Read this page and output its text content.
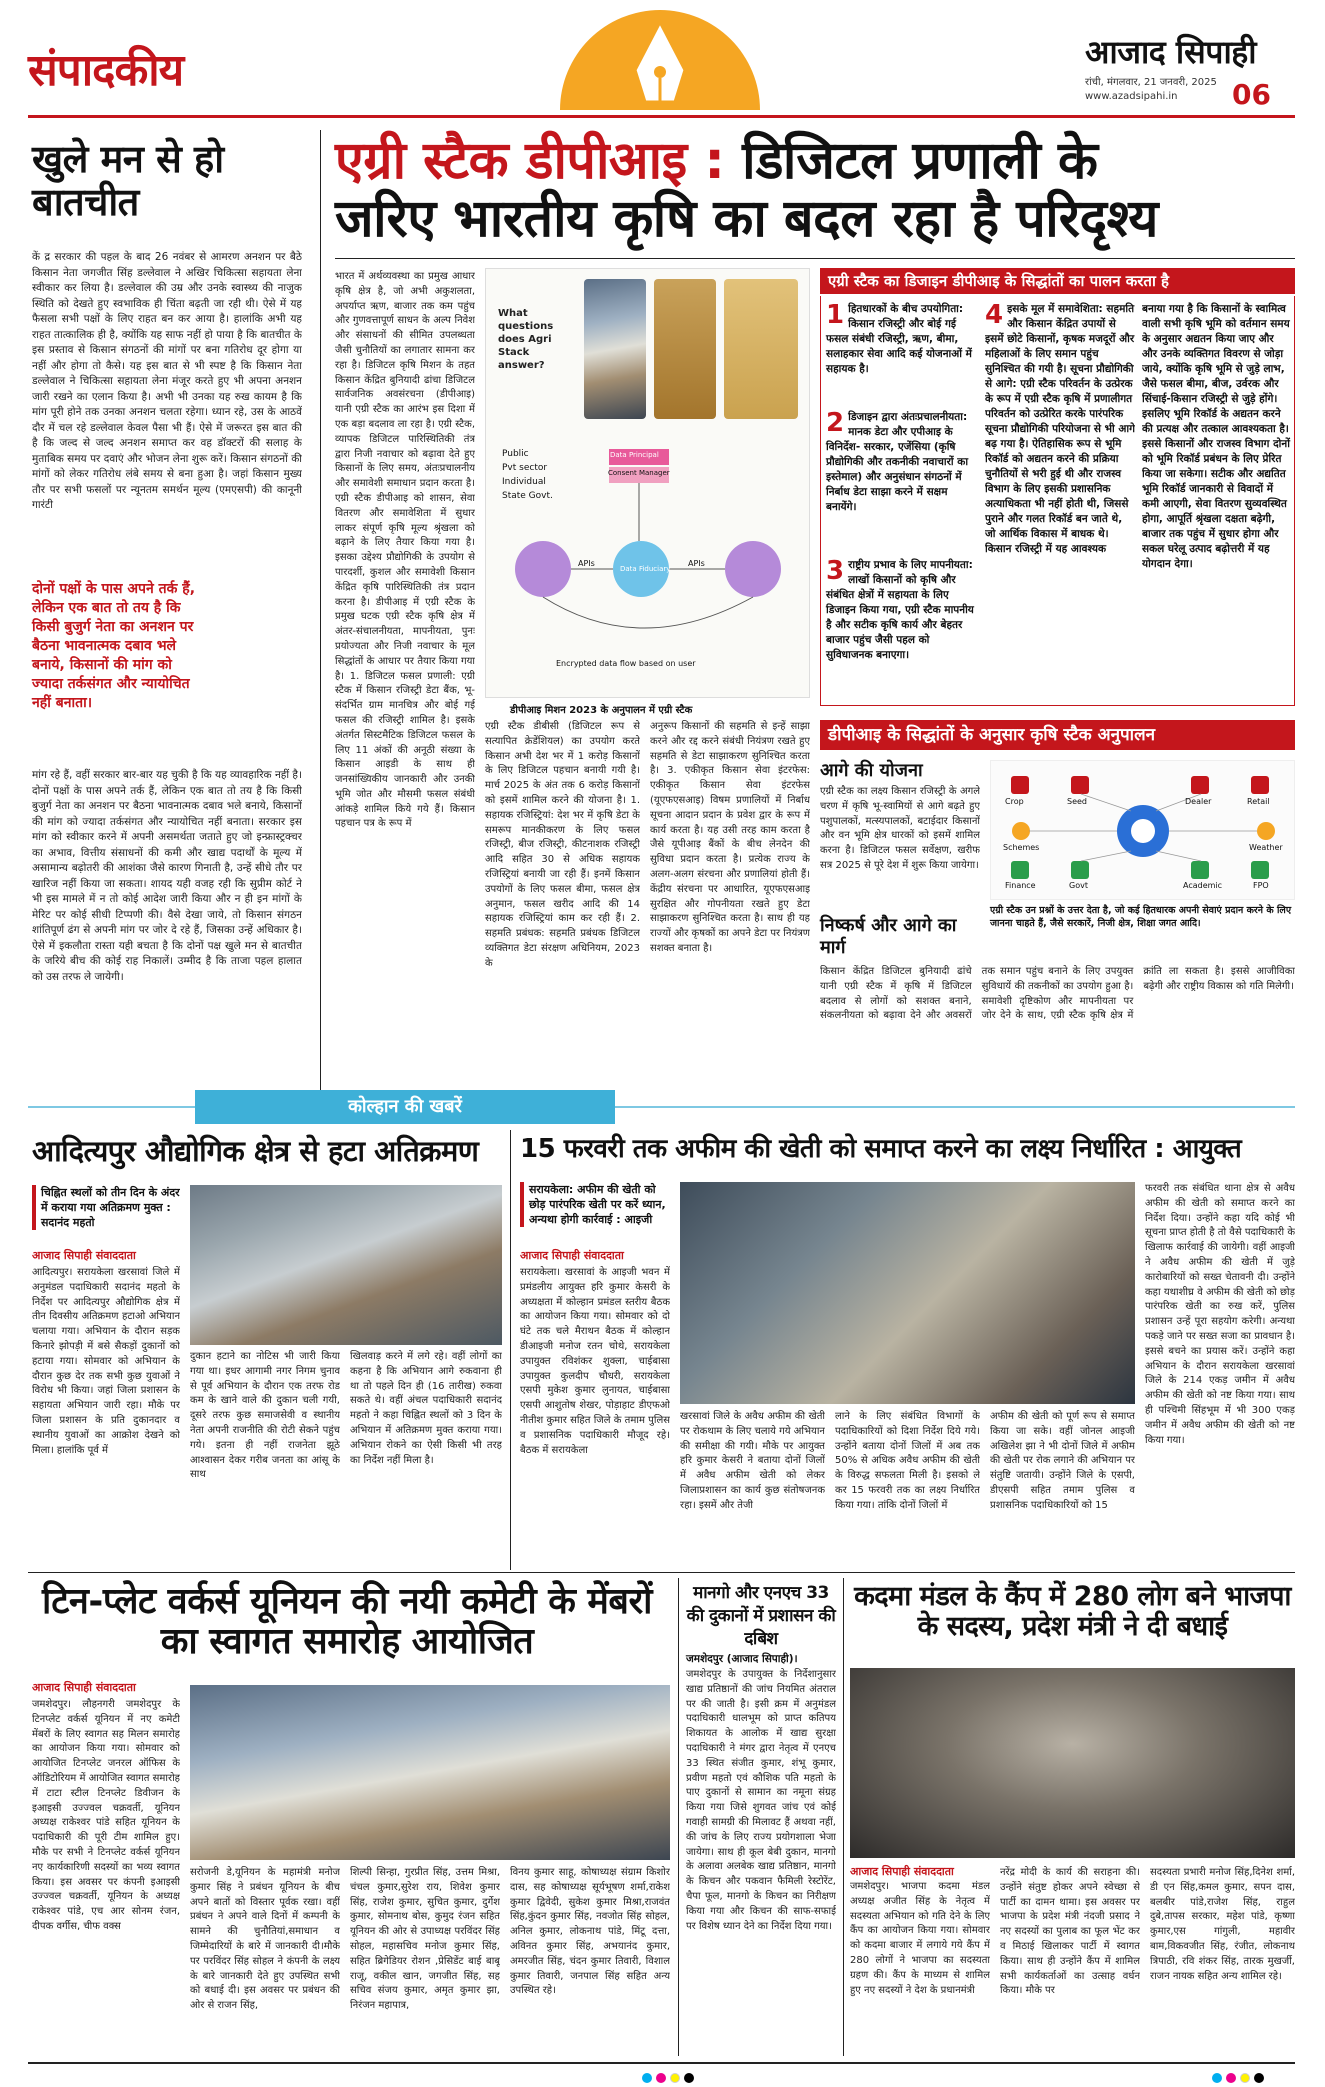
संपादकीय	आजाद सिपाही
रांची, मंगलवार, 21 जनवरी, 2025
www.azadsipahi.in 06
खुले मन से हो बातचीत
कें द्र सरकार की पहल के बाद 26 नवंबर से आमरण अनशन पर बैठे किसान नेता जगजीत सिंह डल्लेवाल ने अखिर चिकित्सा सहायता लेना स्वीकार कर लिया है। डल्लेवाल की उम्र और उनके स्वास्थ्य की नाजुक स्थिति को देखते हुए स्वभाविक ही चिंता बढ़ती जा रही थी। ऐसे में यह फैसला सभी पक्षों के लिए राहत बन कर आया है। हालांकि अभी यह राहत तात्कालिक ही है, क्योंकि यह साफ नहीं हो पाया है कि बातचीत के इस प्रस्ताव से किसान संगठनों की मांगों पर बना गतिरोध दूर होगा या नहीं और होगा तो कैसे। यह इस बात से भी स्पष्ट है कि किसान नेता डल्लेवाल ने चिकित्सा सहायता लेना मंजूर करते हुए भी अपना अनशन जारी रखने का एलान किया है। अभी भी उनका यह रुख कायम है कि मांग पूरी होने तक उनका अनशन चलता रहेगा। ध्यान रहे, उस के आठवें दौर में चल रहे डल्लेवाल केवल पैसा भी हैं। ऐसे में जरूरत इस बात की है कि जल्द से जल्द अनशन समाप्त कर वह डॉक्टरों की सलाह के मुताबिक समय पर दवाएं और भोजन लेना शुरू करें। किसान संगठनों की मांगों को लेकर गतिरोध लंबे समय से बना हुआ है। जहां किसान मुख्य तौर पर सभी फसलों पर न्यूनतम समर्थन मूल्य (एमएसपी) की कानूनी गारंटी
दोनों पक्षों के पास अपने तर्क हैं, लेकिन एक बात तो तय है कि किसी बुजुर्ग नेता का अनशन पर बैठना भावनात्मक दबाव भले बनाये, किसानों की मांग को ज्यादा तर्कसंगत और न्यायोचित नहीं बनाता।
मांग रहे हैं, वहीं सरकार बार-बार यह चुकी है कि यह व्यावहारिक नहीं है। दोनों पक्षों के पास अपने तर्क हैं, लेकिन एक बात तो तय है कि किसी बुजुर्ग नेता का अनशन पर बैठना भावनात्मक दबाव भले बनाये, किसानों की मांग को ज्यादा तर्कसंगत और न्यायोचित नहीं बनाता। सरकार इस मांग को स्वीकार करने में अपनी असमर्थता जताते हुए जो इन्फ्रास्ट्रक्चर का अभाव, वित्तीय संसाधनों की कमी और खाद्य पदार्थों के मूल्य में असामान्य बढ़ोतरी की आशंका जैसे कारण गिनाती है, उन्हें सीधे तौर पर खारिज नहीं किया जा सकता। शायद यही वजह रही कि सुप्रीम कोर्ट ने भी इस मामले में न तो कोई आदेश जारी किया और न ही इन मांगों के मेरिट पर कोई सीधी टिप्पणी की। वैसे देखा जाये, तो किसान संगठन शांतिपूर्ण ढंग से अपनी मांग पर जोर दे रहे हैं, जिसका उन्हें अधिकार है। ऐसे में इकलौता रास्ता यही बचता है कि दोनों पक्ष खुले मन से बातचीत के जरिये बीच की कोई राह निकालें। उम्मीद है कि ताजा पहल हालात को उस तरफ ले जायेगी।
एग्री स्टैक डीपीआइ : डिजिटल प्रणाली के
जरिए भारतीय कृषि का बदल रहा है परिदृश्य
भारत में अर्थव्यवस्था का प्रमुख आधार कृषि क्षेत्र है, जो अभी अकुशलता, अपर्याप्त ऋण, बाजार तक कम पहुंच और गुणवत्तापूर्ण साधन के अल्प निवेश और संसाधनों की सीमित उपलब्धता जैसी चुनौतियों का लगातार सामना कर रहा है। डिजिटल कृषि मिशन के तहत किसान केंद्रित बुनियादी ढांचा डिजिटल सार्वजनिक अवसंरचना (डीपीआइ) यानी एग्री स्टैक का आरंभ इस दिशा में एक बड़ा बदलाव ला रहा है। एग्री स्टैक, व्यापक डिजिटल पारिस्थितिकी तंत्र द्वारा निजी नवाचार को बढ़ावा देते हुए किसानों के लिए समय, अंतःप्रचालनीय और समावेशी समाधान प्रदान करता है। एग्री स्टैक डीपीआइ को शासन, सेवा वितरण और समावेशिता में सुधार लाकर संपूर्ण कृषि मूल्य श्रृंखला को बढ़ाने के लिए तैयार किया गया है। इसका उद्देश्य प्रौद्योगिकी के उपयोग से पारदर्शी, कुशल और समावेशी किसान केंद्रित कृषि पारिस्थितिकी तंत्र प्रदान करना है। डीपीआइ में एग्री स्टैक के प्रमुख घटक एग्री स्टैक कृषि क्षेत्र में अंतर-संचालनीयता, मापनीयता, पुनः प्रयोज्यता और निजी नवाचार के मूल सिद्धांतों के आधार पर तैयार किया गया है। 1. डिजिटल फसल प्रणाली: एग्री स्टैक में किसान रजिस्ट्री डेटा बैंक, भू-संदर्भित ग्राम मानचित्र और बोई गई फसल की रजिस्ट्री शामिल है। इसके अंतर्गत सिस्टमैटिक डिजिटल फसल के लिए 11 अंकों की अनूठी संख्या के किसान आइडी के साथ ही जनसांख्यिकीय जानकारी और उनकी भूमि जोत और मौसमी फसल संबंधी आंकड़े शामिल किये गये हैं। किसान पहचान पत्र के रूप में
What questions does Agri Stack answer?
Public
Pvt sector
Individual
State Govt.
Data Principal
Consent Manager
Data Fiduciary
APIs	APIs
Encrypted data flow based on user
डीपीआइ मिशन 2023 के अनुपालन में एग्री स्टैक
एग्री स्टैक का डिजाइन डीपीआइ के सिद्धांतों का पालन करता है
1 हितधारकों के बीच उपयोगिता: किसान रजिस्ट्री और बोई गई फसल संबंधी रजिस्ट्री, ऋण, बीमा, सलाहकार सेवा आदि कई योजनाओं में सहायक है।
2 डिजाइन द्वारा अंतःप्रचालनीयता: मानक डेटा और एपीआइ के विनिर्देश- सरकार, एजेंसिया (कृषि प्रौद्योगिकी और तकनीकी नवाचारों का इस्तेमाल) और अनुसंधान संगठनों में निर्बाध डेटा साझा करने में सक्षम बनायेंगे।
3 राष्ट्रीय प्रभाव के लिए मापनीयता: लाखों किसानों को कृषि और संबंधित क्षेत्रों में सहायता के लिए डिजाइन किया गया, एग्री स्टैक मापनीय है और सटीक कृषि कार्य और बेहतर बाजार पहुंच जैसी पहल को सुविधाजनक बनाएगा।
4 इसके मूल में समावेशिता: सहमति और किसान केंद्रित उपायों से इसमें छोटे किसानों, कृषक मजदूरों और महिलाओं के लिए समान पहुंच सुनिश्चित की गयी है। सूचना प्रौद्योगिकी से आगे: एग्री स्टैक परिवर्तन के उत्प्रेरक के रूप में एग्री स्टैक कृषि में प्रणालीगत परिवर्तन को उत्प्रेरित करके पारंपरिक सूचना प्रौद्योगिकी परियोजना से भी आगे बढ़ गया है। ऐतिहासिक रूप से भूमि रिकॉर्ड को अद्यतन करने की प्रक्रिया चुनौतियों से भरी हुई थी और राजस्व विभाग के लिए इसकी प्रशासनिक अत्याधिकता भी नहीं होती थी, जिससे पुराने और गलत रिकॉर्ड बन जाते थे, जो आर्थिक विकास में बाधक थे। किसान रजिस्ट्री में यह आवश्यक
बनाया गया है कि किसानों के स्वामित्व वाली सभी कृषि भूमि को वर्तमान समय के अनुसार अद्यतन किया जाए और और उनके व्यक्तिगत विवरण से जोड़ा जाये, क्योंकि कृषि भूमि से जुड़े लाभ, जैसे फसल बीमा, बीज, उर्वरक और सिंचाई-किसान रजिस्ट्री से जुड़े होंगे। इसलिए भूमि रिकॉर्ड के अद्यतन करने की प्रत्यक्ष और तत्काल आवश्यकता है। इससे किसानों और राजस्व विभाग दोनों को भूमि रिकॉर्ड प्रबंधन के लिए प्रेरित किया जा सकेगा। सटीक और अद्यतित भूमि रिकॉर्ड जानकारी से विवादों में कमी आएगी, सेवा वितरण सुव्यवस्थित होगा, आपूर्ति श्रृंखला दक्षता बढ़ेगी, बाजार तक पहुंच में सुधार होगा और सकल घरेलू उत्पाद बढ़ोत्तरी में यह योगदान देगा।
एग्री स्टैक डीबीसी (डिजिटल रूप से सत्यापित क्रेडेंशियल) का उपयोग करते किसान अभी देश भर में 1 करोड़ किसानों के लिए डिजिटल पहचान बनायी गयी है। मार्च 2025 के अंत तक 6 करोड़ किसानों को इसमें शामिल करने की योजना है। 1. सहायक रजिस्ट्रियां: देश भर में कृषि डेटा के समरूप मानकीकरण के लिए फसल रजिस्ट्री, बीज रजिस्ट्री, कीटनाशक रजिस्ट्री आदि सहित 30 से अधिक सहायक रजिस्ट्रियां बनायी जा रही हैं। इनमें किसान उपयोगों के लिए फसल बीमा, फसल क्षेत्र अनुमान, फसल खरीद आदि की 14 सहायक रजिस्ट्रियां काम कर रही हैं। 2. सहमति प्रबंधक: सहमति प्रबंधक डिजिटल व्यक्तिगत डेटा संरक्षण अधिनियम, 2023 के
अनुरूप किसानों की सहमति से इन्हें साझा करने और रद्द करने संबंधी नियंत्रण रखते हुए सहमति से डेटा साझाकरण सुनिश्चित करता है। 3. एकीकृत किसान सेवा इंटरफेस: एकीकृत किसान सेवा इंटरफेस (यूएफएसआइ) विषम प्रणालियों में निर्बाध सूचना आदान प्रदान के प्रवेश द्वार के रूप में कार्य करता है। यह उसी तरह काम करता है जैसे यूपीआइ बैंकों के बीच लेनदेन की सुविधा प्रदान करता है। प्रत्येक राज्य के अलग-अलग संरचना और प्रणालियां होती हैं। केंद्रीय संरचना पर आधारित, यूएफएसआइ सुरक्षित और गोपनीयता रखते हुए डेटा साझाकरण सुनिश्चित करता है। साथ ही यह राज्यों और कृषकों का अपने डेटा पर नियंत्रण सशक्त बनाता है।
डीपीआइ के सिद्धांतों के अनुसार कृषि स्टैक अनुपालन
आगे की योजना
एग्री स्टैक का लक्ष्य किसान रजिस्ट्री के अगले चरण में कृषि भू-स्वामियों से आगे बढ़ते हुए पशुपालकों, मत्स्यपालकों, बटाईदार किसानों और वन भूमि क्षेत्र धारकों को इसमें शामिल करना है। डिजिटल फसल सर्वेक्षण, खरीफ सत्र 2025 से पूरे देश में शुरू किया जायेगा।
Crop	Seed	Dealer	Retail
Schemes	Weather
Finance	Govt	Academic	FPO
एग्री स्टैक उन प्रश्नों के उत्तर देता है, जो कई हितधारक अपनी सेवाएं प्रदान करने के लिए जानना चाहते हैं, जैसे सरकारें, निजी क्षेत्र, शिक्षा जगत आदि।
निष्कर्ष और आगे का मार्ग
किसान केंद्रित डिजिटल बुनियादी ढांचे यानी एग्री स्टैक में कृषि में डिजिटल बदलाव से लोगों को सशक्त बनाने, संकलनीयता को बढ़ावा देने और अवसरों तक समान पहुंच बनाने के लिए उपयुक्त सुविधायें की तकनीकों का उपयोग हुआ है। समावेशी दृष्टिकोण और मापनीयता पर जोर देने के साथ, एग्री स्टैक कृषि क्षेत्र में क्रांति ला सकता है। इससे आजीविका बढ़ेगी और राष्ट्रीय विकास को गति मिलेगी।
कोल्हान की खबरें
आदित्यपुर औद्योगिक क्षेत्र से हटा अतिक्रमण
चिह्नित स्थलों को तीन दिन के अंदर में कराया गया अतिक्रमण मुक्त : सदानंद महतो
आजाद सिपाही संवाददाता
आदित्यपुर। सरायकेला खरसावां जिले में अनुमंडल पदाधिकारी सदानंद महतो के निर्देश पर आदित्यपुर औद्योगिक क्षेत्र में तीन दिवसीय अतिक्रमण हटाओ अभियान चलाया गया। अभियान के दौरान सड़क किनारे झोपड़ी में बसे सैकड़ों दुकानों को हटाया गया। सोमवार को अभियान के दौरान कुछ देर तक सभी कुछ युवाओं ने विरोध भी किया। जहां जिला प्रशासन के सहायता अभियान जारी रहा। मौके पर जिला प्रशासन के प्रति दुकानदार व स्थानीय युवाओं का आक्रोश देखने को मिला। हालांकि पूर्व में
दुकान हटाने का नोटिस भी जारी किया गया था। इधर आगामी नगर निगम चुनाव से पूर्व अभियान के दौरान एक तरफ रोड कम के खाने वाले की दुकान चली गयी, दूसरे तरफ कुछ समाजसेवी व स्थानीय नेता अपनी राजनीति की रोटी सेकने पहुंच गये। इतना ही नहीं राजनेता झूठे आश्वासन देकर गरीब जनता का आंसू के साथ
खिलवाड़ करने में लगे रहे। वहीं लोगों का कहना है कि अभियान आगे रुकवाना ही था तो पहले दिन ही (16 तारीख) रुकवा सकते थे। वहीं अंचल पदाधिकारी सदानंद महतो ने कहा चिह्नित स्थलों को 3 दिन के अभियान में अतिक्रमण मुक्त कराया गया। अभियान रोकने का ऐसी किसी भी तरह का निर्देश नहीं मिला है।
15 फरवरी तक अफीम की खेती को समाप्त करने का लक्ष्य निर्धारित : आयुक्त
सरायकेला: अफीम की खेती को छोड़ पारंपरिक खेती पर करें ध्यान, अन्यथा होगी कार्रवाई : आइजी
आजाद सिपाही संवाददाता
सरायकेला। खरसावां के आइजी भवन में प्रमंडलीय आयुक्त हरि कुमार केसरी के अध्यक्षता में कोल्हान प्रमंडल स्तरीय बैठक का आयोजन किया गया। सोमवार को दो घंटे तक चले मैराथन बैठक में कोल्हान डीआइजी मनोज रतन चोथे, सरायकेला उपायुक्त रविशंकर शुक्ला, चाईबासा उपायुक्त कुलदीप चौधरी, सरायकेला एसपी मुकेश कुमार लुनायत, चाईबासा एसपी आशुतोष शेखर, पोड़ाहाट डीएफओ नीतीश कुमार सहित जिले के तमाम पुलिस व प्रशासनिक पदाधिकारी मौजूद रहे। बैठक में सरायकेला
खरसावां जिले के अवैध अफीम की खेती पर रोकथाम के लिए चलाये गये अभियान की समीक्षा की गयी। मौके पर आयुक्त हरि कुमार केसरी ने बताया दोनों जिलों में अवैध अफीम खेती को लेकर जिलाप्रशासन का कार्य कुछ संतोषजनक रहा। इसमें और तेजी
लाने के लिए संबंधित विभागों के पदाधिकारियों को दिशा निर्देश दिये गये। उन्होंने बताया दोनों जिलों में अब तक 50% से अधिक अवैध अफीम की खेती के विरुद्ध सफलता मिली है। इसको ले कर 15 फरवरी तक का लक्ष्य निर्धारित किया गया। तांकि दोनों जिलों में
अफीम की खेती को पूर्ण रूप से समाप्त किया जा सके। वहीं जोनल आइजी अखिलेश झा ने भी दोनों जिले में अफीम की खेती पर रोक लगाने की अभियान पर संतुष्टि जतायी। उन्होंने जिले के एसपी, डीएसपी सहित तमाम पुलिस व प्रशासनिक पदाधिकारियों को 15
फरवरी तक संबंधित थाना क्षेत्र से अवैध अफीम की खेती को समाप्त करने का निर्देश दिया। उन्होंने कहा यदि कोई भी सूचना प्राप्त होती है तो वैसे पदाधिकारी के खिलाफ कार्रवाई की जायेगी। वहीं आइजी ने अवैध अफीम की खेती में जुड़े कारोबारियों को सख्त चेतावनी दी। उन्होंने कहा यथाशीघ्र वे अफीम की खेती को छोड़ पारंपरिक खेती का रुख करें, पुलिस प्रशासन उन्हें पूरा सहयोग करेगी। अन्यथा पकड़े जाने पर सख्त सजा का प्रावधान है। इससे बचने का प्रयास करें। उन्होंने कहा अभियान के दौरान सरायकेला खरसावां जिले के 214 एकड़ जमीन में अवैध अफीम की खेती को नष्ट किया गया। साथ ही पश्चिमी सिंहभूम में भी 300 एकड़ जमीन में अवैध अफीम की खेती को नष्ट किया गया।
टिन-प्लेट वर्कर्स यूनियन की नयी कमेटी के मेंबरों का स्वागत समारोह आयोजित
आजाद सिपाही संवाददाता
जमशेदपुर। लौहनगरी जमशेदपुर के टिनप्लेट वर्कर्स यूनियन में नए कमेटी मेंबरों के लिए स्वागत सह मिलन समारोह का आयोजन किया गया। सोमवार को आयोजित टिनप्लेट जनरल ऑफिस के ऑडिटोरियम में आयोजित स्वागत समारोह में टाटा स्टील टिनप्लेट डिवीजन के इआइसी उज्ज्वल चक्रवर्ती, यूनियन अध्यक्ष राकेश्वर पांडे सहित यूनियन के पदाधिकारी की पूरी टीम शामिल हुए। मौके पर सभी ने टिनप्लेट वर्कर्स यूनियन नए कार्यकारिणी सदस्यों का भव्य स्वागत किया। इस अवसर पर कंपनी इआइसी उज्ज्वल चक्रवर्ती, यूनियन के अध्यक्ष राकेश्वर पांडे, एच आर सोनम रंजन, दीपक वर्गीस, चीफ वक्स
सरोजनी डे,यूनियन के महामंत्री मनोज कुमार सिंह ने प्रबंधन यूनियन के बीच अपने बातों को विस्तार पूर्वक रखा। वहीं प्रबंधन ने अपने वाले दिनों में कम्पनी के सामने की चुनौतियां,समाधान व जिम्मेदारियों के बारे में जानकारी दी।मौके पर परविंदर सिंह सोहल ने कंपनी के लक्ष्य के बारे जानकारी देते हुए उपस्थित सभी को बधाई दी। इस अवसर पर प्रबंधन की ओर से राजन सिंह,
शिल्पी सिन्हा, गुरप्रीत सिंह, उत्तम मिश्रा, चंचल कुमार,सुरेश राय, शिवेश कुमार सिंह, राजेश कुमार, सुचित कुमार, दुर्गेश कुमार, सोमनाथ बोस, कुमुद रंजन सहित यूनियन की ओर से उपाध्यक्ष परविंदर सिंह सोहल, महासचिव मनोज कुमार सिंह, सहित ब्रिगेडियर रोशन ,प्रेसिडेंट बाई बाबू राजू, वकील खान, जगजीत सिंह, सह सचिव संजय कुमार, अमृत कुमार झा, निरंजन महापात्र,
विनय कुमार साहू, कोषाध्यक्ष संग्राम किशोर दास, सह कोषाध्यक्ष सूर्यभूषण शर्मा,राकेश कुमार द्विवेदी, सुकेश कुमार मिश्रा,राजवंत सिंह,कुंदन कुमार सिंह, नवजोत सिंह सोहल, अनिल कुमार, लोकनाथ पांडे, मिंटू दत्ता, अविनत कुमार सिंह, अभयानंद कुमार, अमरजीत सिंह, चंदन कुमार तिवारी, विशाल कुमार तिवारी, जनपाल सिंह सहित अन्य उपस्थित रहे।
मानगो और एनएच 33 की दुकानों में प्रशासन की दबिश
जमशेदपुर (आजाद सिपाही)।
जमशेदपुर के उपायुक्त के निर्देशानुसार खाद्य प्रतिष्ठानों की जांच नियमित अंतराल पर की जाती है। इसी क्रम में अनुमंडल पदाधिकारी धालभूम को प्राप्त कतिपय शिकायत के आलोक में खाद्य सुरक्षा पदाधिकारी ने मंगर द्वारा नेतृत्व में एनएच 33 स्थित संजीत कुमार, शंभू कुमार, प्रवीण महतो एवं कौशिक पति महतो के पाए दुकानों से सामान का नमूना संग्रह किया गया जिसे शुगवत जांच एवं कोई गवाही सामग्री की मिलावट हैं अथवा नहीं, की जांच के लिए राज्य प्रयोगशाला भेजा जायेगा। साथ ही कूल बेबी दुकान, मानगो के अलावा अलबेक खाद्य प्रतिष्ठान, मानगो के किचन और पकवान फैमिली रेस्टोरेंट, चैपा फूल, मानगो के किचन का निरीक्षण किया गया और किचन की साफ-सफाई पर विशेष ध्यान देने का निर्देश दिया गया।
कदमा मंडल के कैंप में 280 लोग बने भाजपा के सदस्य, प्रदेश मंत्री ने दी बधाई
आजाद सिपाही संवाददाता
जमशेदपुर। भाजपा कदमा मंडल अध्यक्ष अजीत सिंह के नेतृत्व में सदस्यता अभियान को गति देने के लिए कैंप का आयोजन किया गया। सोमवार को कदमा बाजार में लगाये गये कैंप में 280 लोगों ने भाजपा का सदस्यता ग्रहण की। कैंप के माध्यम से शामिल हुए नए सदस्यों ने देश के प्रधानमंत्री
नरेंद्र मोदी के कार्य की सराहना की। उन्होंने संतुष्ट होकर अपने स्वेच्छा से पार्टी का दामन थामा। इस अवसर पर भाजपा के प्रदेश मंत्री नंदजी प्रसाद ने नए सदस्यों का पुलाब का फूल भेंट कर व मिठाई खिलाकर पार्टी में स्वागत किया। साथ ही उन्होंने कैंप में शामिल सभी कार्यकर्ताओं का उत्साह वर्धन किया। मौके पर
सदस्यता प्रभारी मनोज सिंह,दिनेश शर्मा, डी एन सिंह,कमल कुमार, सपन दास, बलबीर पांडे,राजेश सिंह, राहुल दुबे,तापस सरकार, महेश पांडे, कृष्णा कुमार,एस गांगुली, महावीर बाम,विकवजीत सिंह, रंजीत, लोकनाथ त्रिपाठी, रवि शंकर सिंह, तारक मुखर्जी, राजन नायक सहित अन्य शामिल रहे।
